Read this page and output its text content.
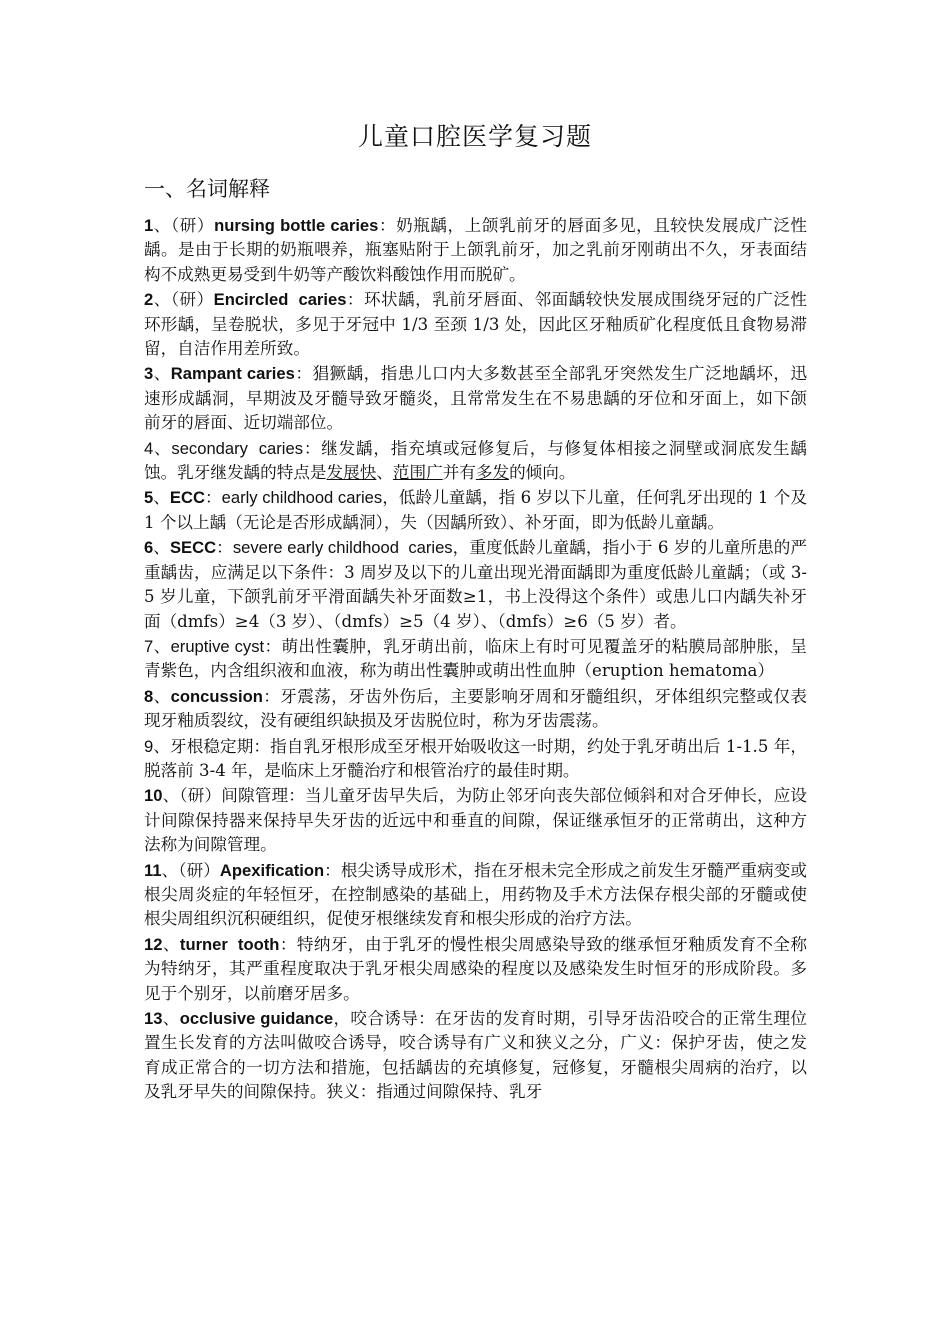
儿童口腔医学复习题
一、名词解释
1、（研）nursing bottle caries：奶瓶龋，上颌乳前牙的唇面多见，且较快发展成广泛性龋。是由于长期的奶瓶喂养，瓶塞贴附于上颌乳前牙，加之乳前牙刚萌出不久，牙表面结构不成熟更易受到牛奶等产酸饮料酸蚀作用而脱矿。
2、（研）Encircled  caries：环状龋，乳前牙唇面、邻面龋较快发展成围绕牙冠的广泛性环形龋，呈卷脱状，多见于牙冠中 1/3 至颈 1/3 处，因此区牙釉质矿化程度低且食物易滞留，自洁作用差所致。
3、Rampant caries：猖獗龋，指患儿口内大多数甚至全部乳牙突然发生广泛地龋坏，迅速形成龋洞，早期波及牙髓导致牙髓炎，且常常发生在不易患龋的牙位和牙面上，如下颌前牙的唇面、近切端部位。
4、secondary  caries：继发龋，指充填或冠修复后，与修复体相接之洞壁或洞底发生龋蚀。乳牙继发龋的特点是发展快、范围广并有多发的倾向。
5、ECC：early childhood caries，低龄儿童龋，指 6 岁以下儿童，任何乳牙出现的 1 个及 1 个以上龋（无论是否形成龋洞），失（因龋所致）、补牙面，即为低龄儿童龋。
6、SECC：severe early childhood  caries，重度低龄儿童龋，指小于 6 岁的儿童所患的严重龋齿，应满足以下条件：3 周岁及以下的儿童出现光滑面龋即为重度低龄儿童龋；（或 3-5 岁儿童，下颌乳前牙平滑面龋失补牙面数≥1，书上没得这个条件）或患儿口内龋失补牙面（dmfs）≥4（3 岁）、（dmfs）≥5（4 岁）、（dmfs）≥6（5 岁）者。
7、eruptive cyst：萌出性囊肿，乳牙萌出前，临床上有时可见覆盖牙的粘膜局部肿胀，呈青紫色，内含组织液和血液，称为萌出性囊肿或萌出性血肿（eruption hematoma）
8、concussion：牙震荡，牙齿外伤后，主要影响牙周和牙髓组织，牙体组织完整或仅表现牙釉质裂纹，没有硬组织缺损及牙齿脱位时，称为牙齿震荡。
9、牙根稳定期：指自乳牙根形成至牙根开始吸收这一时期，约处于乳牙萌出后 1-1.5 年，脱落前 3-4 年，是临床上牙髓治疗和根管治疗的最佳时期。
10、（研）间隙管理：当儿童牙齿早失后，为防止邻牙向丧失部位倾斜和对合牙伸长，应设计间隙保持器来保持早失牙齿的近远中和垂直的间隙，保证继承恒牙的正常萌出，这种方法称为间隙管理。
11、（研）Apexification：根尖诱导成形术，指在牙根未完全形成之前发生牙髓严重病变或根尖周炎症的年轻恒牙，在控制感染的基础上，用药物及手术方法保存根尖部的牙髓或使根尖周组织沉积硬组织，促使牙根继续发育和根尖形成的治疗方法。
12、turner  tooth：特纳牙，由于乳牙的慢性根尖周感染导致的继承恒牙釉质发育不全称为特纳牙，其严重程度取决于乳牙根尖周感染的程度以及感染发生时恒牙的形成阶段。多见于个别牙，以前磨牙居多。
13、occlusive guidance，咬合诱导：在牙齿的发育时期，引导牙齿沿咬合的正常生理位置生长发育的方法叫做咬合诱导，咬合诱导有广义和狭义之分，广义：保护牙齿，使之发育成正常合的一切方法和措施，包括龋齿的充填修复，冠修复，牙髓根尖周病的治疗，以及乳牙早失的间隙保持。狭义：指通过间隙保持、乳牙
